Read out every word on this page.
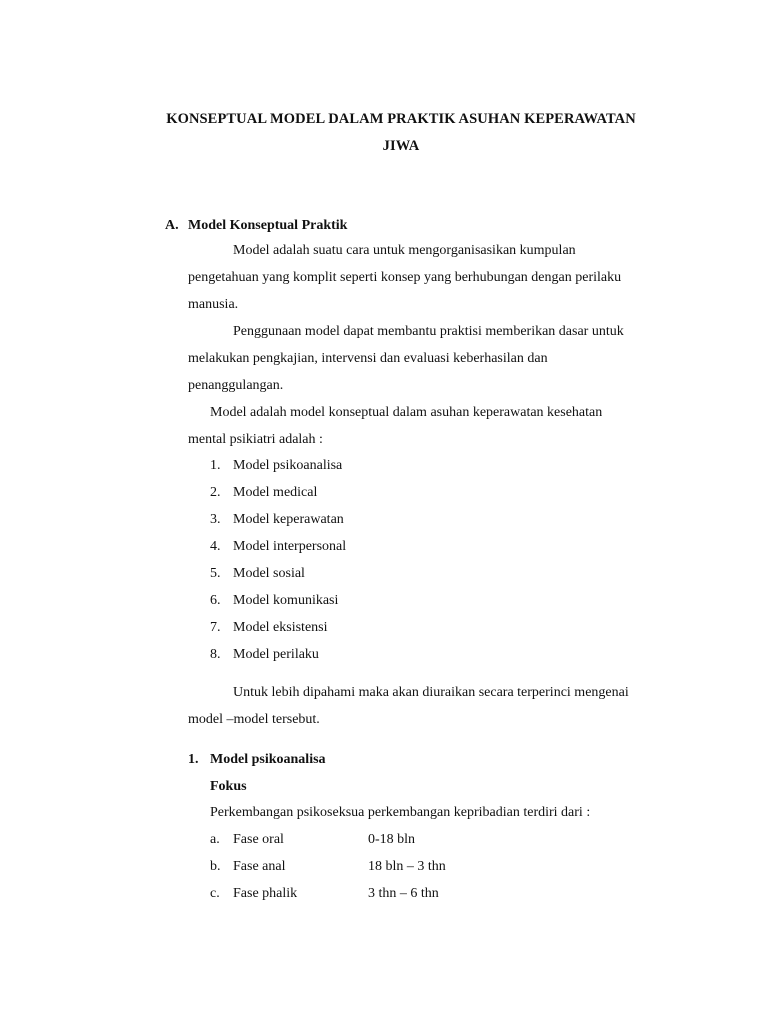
KONSEPTUAL MODEL DALAM PRAKTIK ASUHAN KEPERAWATAN
JIWA
A. Model Konseptual Praktik
Model adalah suatu cara untuk mengorganisasikan kumpulan
pengetahuan yang komplit seperti konsep yang berhubungan dengan perilaku
manusia.
Penggunaan model dapat membantu praktisi memberikan dasar untuk
melakukan pengkajian, intervensi dan evaluasi keberhasilan dan
penanggulangan.
Model adalah model konseptual dalam asuhan keperawatan kesehatan
mental psikiatri adalah :
1. Model psikoanalisa
2. Model medical
3. Model keperawatan
4. Model interpersonal
5. Model sosial
6. Model komunikasi
7. Model eksistensi
8. Model perilaku
Untuk lebih dipahami maka akan diuraikan secara terperinci mengenai
model –model tersebut.
1. Model psikoanalisa
Fokus
Perkembangan psikoseksua perkembangan kepribadian terdiri dari :
a. Fase oral	0-18 bln
b. Fase anal	18 bln – 3 thn
c. Fase phalik	3 thn – 6 thn
